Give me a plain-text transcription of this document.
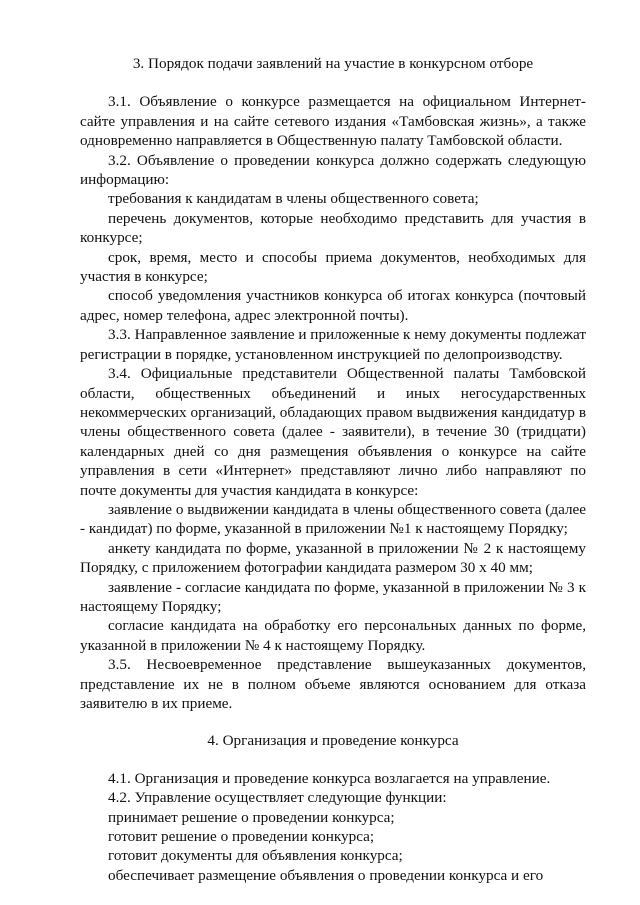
3. Порядок подачи заявлений на участие в конкурсном отборе

3.1. Объявление о конкурсе размещается на официальном Интернет-сайте управления и на сайте сетевого издания «Тамбовская жизнь», а также одновременно направляется в Общественную палату Тамбовской области.

3.2. Объявление о проведении конкурса должно содержать следующую информацию:

требования к кандидатам в члены общественного совета;

перечень документов, которые необходимо представить для участия в конкурсе;

срок, время, место и способы приема документов, необходимых для участия в конкурсе;

способ уведомления участников конкурса об итогах конкурса (почтовый адрес, номер телефона, адрес электронной почты).

3.3. Направленное заявление и приложенные к нему документы подлежат регистрации в порядке, установленном инструкцией по делопроизводству.

3.4. Официальные представители Общественной палаты Тамбовской области, общественных объединений и иных негосударственных некоммерческих организаций, обладающих правом выдвижения кандидатур в члены общественного совета (далее - заявители), в течение 30 (тридцати) календарных дней со дня размещения объявления о конкурсе на сайте управления в сети «Интернет» представляют лично либо направляют по почте документы для участия кандидата в конкурсе:

заявление о выдвижении кандидата в члены общественного совета (далее - кандидат) по форме, указанной в приложении №1 к настоящему Порядку;

анкету кандидата по форме, указанной в приложении № 2 к настоящему Порядку, с приложением фотографии кандидата размером 30 х 40 мм;

заявление - согласие кандидата по форме, указанной в приложении № 3 к настоящему Порядку;

согласие кандидата на обработку его персональных данных по форме, указанной в приложении № 4 к настоящему Порядку.

3.5. Несвоевременное представление вышеуказанных документов, представление их не в полном объеме являются основанием для отказа заявителю в их приеме.

4. Организация и проведение конкурса

4.1. Организация и проведение конкурса возлагается на управление.

4.2. Управление осуществляет следующие функции:

принимает решение о проведении конкурса;

готовит решение о проведении конкурса;

готовит документы для объявления конкурса;

обеспечивает размещение объявления о проведении конкурса и его
